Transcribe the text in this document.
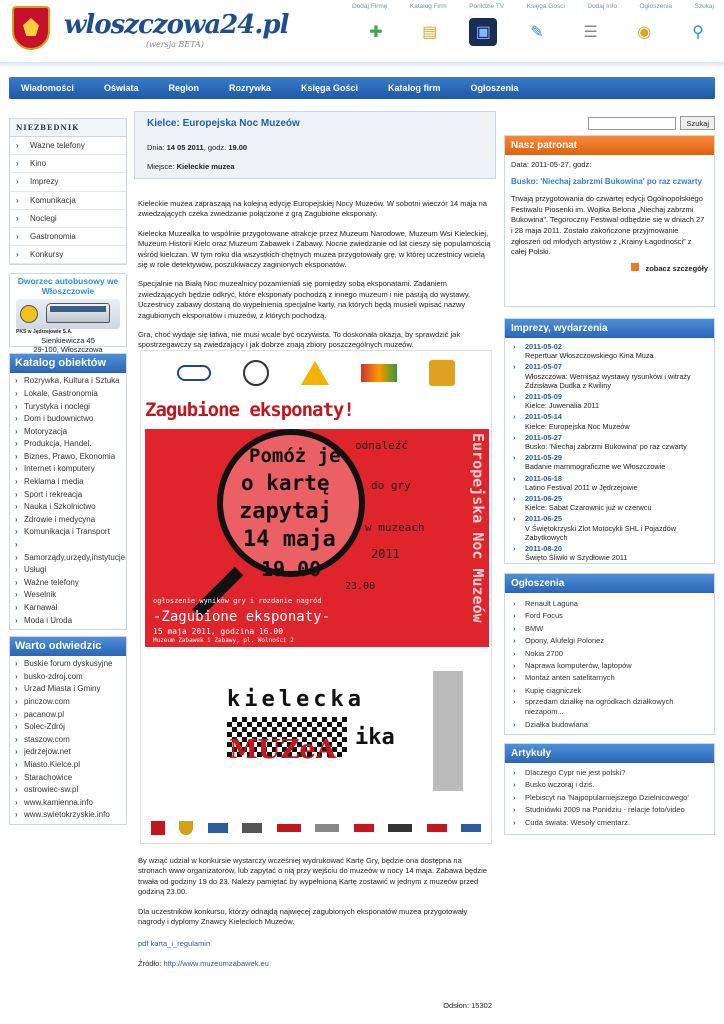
wloszczowa24.pl
(wersja BETA)
Dodaj Firmę	Katalog Firm	Ponidzie TV	Księga Gości	Dodaj Info	Ogłoszenia	Szukaj
✚	▤	▣	✎	☰	◉	⚲
Wiadomości	Oświata	Region	Rozrywka	Księga Gości	Katalog firm	Ogłoszenia
NIEZBEDNIK
› Wazne telefony
› Kino
› Imprezy
› Komunikacja
› Noclegi
› Gastronomia
› Konkursy
Dworzec autobusowy we Włoszczowie
PKS w Jędrzejowie S.A.
Sienkiewicza 45
29-100, Włoszczowa
Katalog obiektów
› Rozrywka, Kultura i Sztuka
› Lokale, Gastronomia
› Turystyka i noclegi
› Dom i budownictwo
› Motoryzacja
› Produkcja, Handel.
› Biznes, Prawo, Ekonomia
› Internet i komputery
› Reklama i media
› Sport i rekreacja
› Nauka i Szkolnictwo
› Zdrowie i medycyna
› Komunikacja i Transport
›
› Samorządy,urzędy,instytucje
› Usługi
› Ważne telefony
› Weselnik
› Karnawał
› Moda i Uroda
Warto odwiedzic
› Buskie forum dyskusyjne
› busko-zdroj.com
› Urzad Miasta i Gminy
› pinczow.com
› pacanow.pl
› Solec-Zdrój
› staszow.com
› jedrzejow.net
› Miasto.Kielce.pl
› Starachowice
› ostrowiec-sw.pl
› www.kamienna.info
› www.swietokrzyskie.info
Kielce: Europejska Noc Muzeów
Dnia: 14 05 2011, godz. 19.00
Miejsce: Kieleckie muzea
Kieleckie muzea zapraszają na kolejną edycję Europejskiej Nocy Muzeów. W sobotni wieczór 14 maja na zwiedzających czeka zwiedzanie połączone z grą Zagubione eksponaty.
Kielecka Muzealka to wspólnie przygotowane atrakcje przez Muzeum Narodowe, Muzeum Wsi Kieleckiej, Muzeum Historii Kielc oraz Muzeum Zabawek i Zabawy. Nocne zwiedzanie od lat cieszy się popularnością wśród kielczan. W tym roku dla wszystkich chętnych muzea przygotowały grę, w której uczestnicy wcielą się w role detektywów, poszukiwaczy zaginionych eksponatów.
Specjalnie na Białą Noc muzealnicy pozamieniali się pomiędzy sobą eksponatami. Zadaniem zwiedzających będzie odkryć, które eksponaty pochodzą z innego muzeum i nie pasują do wystawy. Uczestnicy zabawy dostaną do wypełnienia specjalne karty, na których będą musieli wpisać nazwy zagubionych eksponatów i muzeów, z których pochodzą.
Gra, choć wydaje się łatwa, nie musi wcale być oczywista. To doskonała okazja, by sprawdzić jak spostrzegawczy są zwiedzający i jak dobrze znają zbiory poszczególnych muzeów.
Zagubione eksponaty!
Europejska Noc Muzeów
odnaleźć
do gry
w muzeach
2011
23.00
Pomóż je
o kartę
zapytaj
14 maja
19.00
ogłoszenie wyników gry i rozdanie nagród
-Zagubione eksponaty-
15 maja 2011, godzina 16.00
Muzeum Zabawek i Zabawy, pl. Wolności 2
kielecka
MUZeA ika
By wziąć udział w konkursie wystarczy wcześniej wydrukować Kartę Gry, będzie ona dostępna na stronach www organizatorów, lub zapytać o nią przy wejściu do muzeów w nocy 14 maja. Zabawa będzie trwała od godziny 19 do 23. Należy pamiętać by wypełnioną Kartę zostawić w jednym z muzeów przed godziną 23.00.
Dla uczestników konkursu, którzy odnajdą najwięcej zagubionych eksponatów muzea przygotowały nagrody i dyplomy Znawcy Kieleckich Muzeów.
pdf karta_i_regulamin
Źródło: http://www.muzeumzabawek.eu
Odsłon: 15302
Szukaj
Nasz patronat
Data: 2011-05-27, godz:
Busko: 'Niechaj zabrzmi Bukowina' po raz czwarty
Trwają przygotowania do czwartej edycji Ogólnopolskiego Festiwalu Piosenki im. Wojtka Belona „Niechaj zabrzmi Bukowina”. Tegoroczny Festiwal odbędzie się w dniach 27 i 28 maja 2011. Zostało zakończone przyjmowanie zgłoszeń od młodych artystów z „Krainy Łagodności” z całej Polski.
zobacz szczegóły
Imprezy, wydarzenia
› 2011-05-02
Repertuar Włoszczowskiego Kina Muza
› 2011-05-07
Włoszczowa: Wernisaż wystawy rysunków i witraży Zdzisława Dudka z Kwiliny
› 2011-05-09
Kielce: Juwenalia 2011
› 2011-05-14
Kielce: Europejska Noc Muzeów
› 2011-05-27
Busko: 'Niechaj zabrzmi Bukowina' po raz czwarty
› 2011-05-29
Badanie mammograficzne we Włoszczowie
› 2011-06-18
Latino Festival 2011 w Jędrzejowie
› 2011-06-25
Kielce: Sabat Czarownic już w czerwcu
› 2011-06-25
V Świętokrzyski Zlot Motocykli SHL i Pojazdów Zabytkowych
› 2011-08-20
Święto Śliwki w Szydłowie 2011
Ogłoszenia
› Renault Laguna
› Ford Focus
› BMW
› Opony, Alufelgi Polonez
› Nokia 2700
› Naprawa komputerów, laptopów
› Montaż anten satelitarnych
› Kupię ciągniczek
› sprzedam działkę na ogródkach działkowych niezapom...
› Działka budowlana
Artykuły
› Dlaczego Cypr nie jest polski?
› Busko wczoraj i dziś.
› Plebiscyt na 'Najpopularniejszego Dzielnicowego'
› Studniówki 2009 na Ponidziu - relacje foto/video
› Cuda świata: Wesoły cmentarz.
